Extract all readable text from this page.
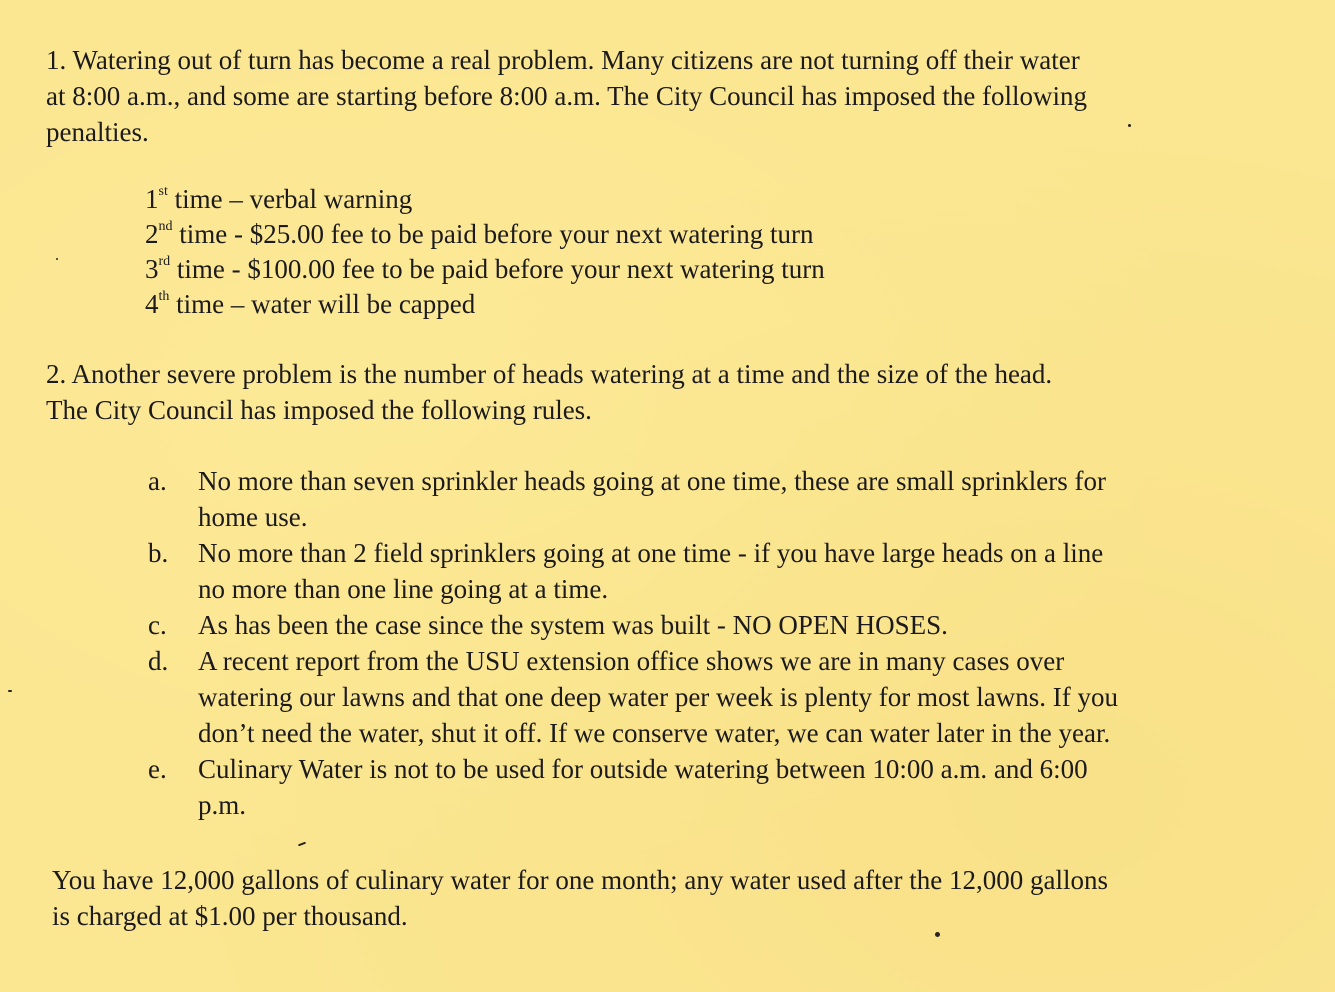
1. Watering out of turn has become a real problem. Many citizens are not turning off their water
at 8:00 a.m., and some are starting before 8:00 a.m. The City Council has imposed the following
penalties.

1st time – verbal warning
2nd time - $25.00 fee to be paid before your next watering turn
3rd time - $100.00 fee to be paid before your next watering turn
4th time – water will be capped

2. Another severe problem is the number of heads watering at a time and the size of the head.
The City Council has imposed the following rules.

a. No more than seven sprinkler heads going at one time, these are small sprinklers for
home use.
b. No more than 2 field sprinklers going at one time - if you have large heads on a line
no more than one line going at a time.
c. As has been the case since the system was built - NO OPEN HOSES.
d. A recent report from the USU extension office shows we are in many cases over
watering our lawns and that one deep water per week is plenty for most lawns. If you
don’t need the water, shut it off. If we conserve water, we can water later in the year.
e. Culinary Water is not to be used for outside watering between 10:00 a.m. and 6:00
p.m.

You have 12,000 gallons of culinary water for one month; any water used after the 12,000 gallons
is charged at $1.00 per thousand.
